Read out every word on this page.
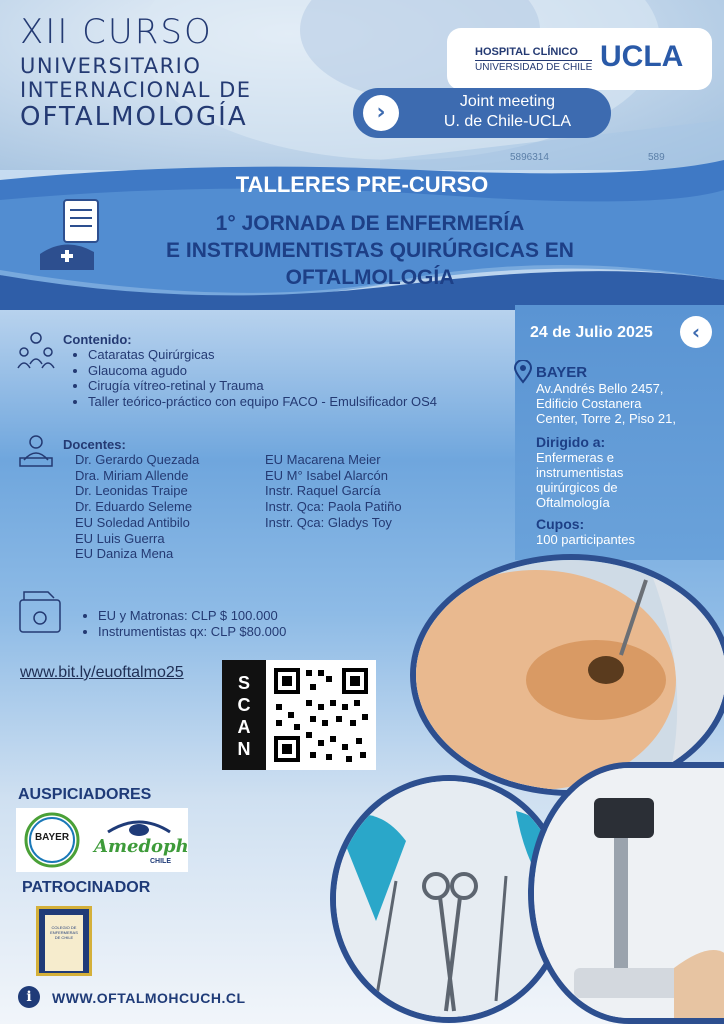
XII CURSO
UNIVERSITARIO
INTERNACIONAL DE
OFTALMOLOGÍA
HOSPITAL CLÍNICO
UNIVERSIDAD DE CHILE UCLA
›	Joint meeting
U. de Chile-UCLA
5896314	589
TALLERES PRE-CURSO
1° JORNADA DE ENFERMERÍA
E INSTRUMENTISTAS QUIRÚRGICAS EN
OFTALMOLOGÍA
Contenido:
• Cataratas Quirúrgicas
• Glaucoma agudo
• Cirugía vítreo-retinal y Trauma
• Taller teórico-práctico con equipo FACO - Emulsificador OS4
Docentes:
Dr. Gerardo Quezada
Dra. Miriam Allende
Dr. Leonidas Traipe
Dr. Eduardo Seleme
EU Soledad Antibilo
EU Luis Guerra
EU Daniza Mena
EU Macarena Meier
EU M° Isabel Alarcón
Instr. Raquel García
Instr. Qca: Paola Patiño
Instr. Qca: Gladys Toy
• EU y Matronas: CLP $ 100.000
• Instrumentistas qx: CLP $80.000
www.bit.ly/euoftalmo25
S
C
A
N
24 de Julio 2025	‹
BAYER
Av.Andrés Bello 2457,
Edificio Costanera
Center, Torre 2, Piso 21,
Dirigido a:
Enfermeras e
instrumentistas
quirúrgicos de
Oftalmología
Cupos:
100 participantes
AUSPICIADORES
BAYER	Amedoph
CHILE
PATROCINADOR
COLEGIO DE
ENFERMERAS
DE CHILE
i	WWW.OFTALMOHCUCH.CL
